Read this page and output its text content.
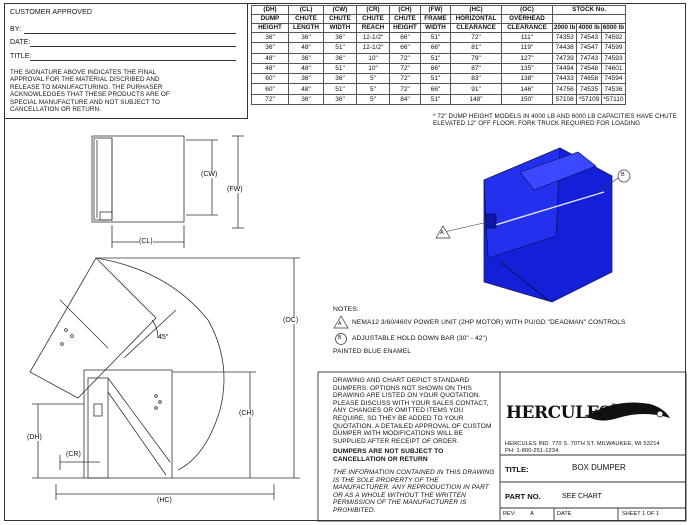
CUSTOMER APPROVED
BY:
DATE:
TITLE:
THE SIGNATURE ABOVE INDICATES THE FINAL APPROVAL FOR THE MATERIAL DISCRIBED AND RELEASE TO MANUFACTURING. THE PURHASER ACKNOWLEDGES THAT THESE PRODUCTS ARE OF SPECIAL MANUFACTURE AND NOT SUBJECT TO CANCELLATION OR RETURN.
(DH)	(CL)	(CW)	(CR)	(CH)	(FW)	(HC)	(OC)	STOCK No.		
DUMP	CHUTE	CHUTE	CHUTE	CHUTE	FRAME	HORIZONTAL	OVERHEAD			
HEIGHT	LENGTH	WIDTH	REACH	HEIGHT	WIDTH	CLEARANCE	CLEARANCE	2000 lb	4000 lb	6000 lb
36"	36"	36"	12-1/2"	66"	51"	72"	111"	74353	74543	74592
36"	48"	51"	12-1/2"	66"	66"	81"	119"	74438	74547	74599
48"	36"	36"	10"	72"	51"	79"	127"	74739	74743	74593
48"	48"	51"	10"	72"	66"	87"	135"	74494	74548	74601
60"	36"	36"	5"	72"	51"	83"	138"	74433	74658	74594
60"	48"	51"	5"	72"	66"	91"	146"	74756	74535	74536
72"	36"	36"	5"	84"	51"	148"	150"	57108	*57109	*57110
* 72" DUMP HEIGHT MODELS IN 4000 LB AND 6000 LB CAPACITIES HAVE CHUTE ELEVATED 12" OFF FLOOR. FORK TRUCK REQUIRED FOR LOADING
(CW)
(FW)
(CL)
(OC)
(CH)
(DH)
(CR)
(HC)
45°
A
B
NOTES:
A NEMA12 3/60/460V POWER UNIT (2HP MOTOR) WITH PU/GD "DEADMAN" CONTROLS
B ADJUSTABLE HOLD DOWN BAR (30" - 42")
PAINTED BLUE ENAMEL
DRAWING AND CHART DEPICT STANDARD DUMPERS. OPTIONS NOT SHOWN ON THIS DRAWING ARE LISTED ON YOUR QUOTATION. PLEASE DISCUSS WITH YOUR SALES CONTACT, ANY CHANGES OR OMITTED ITEMS YOU REQUIRE, SO THEY BE ADDED TO YOUR QUOTATION. A DETAILED APPROVAL OF CUSTOM DUMPER WITH MODIFICATIONS WILL BE SUPPLIED AFTER RECEIPT OF ORDER.
DUMPERS ARE NOT SUBJECT TO CANCELLATION OR RETURN
THE INFORMATION CONTAINED IN THIS DRAWING IS THE SOLE PROPERTY OF THE MANUFACTURER. ANY REPRODUCTION IN PART OR AS A WHOLE WITHOUT THE WRITTEN PERMISSION OF THE MANUFACTURER IS PROHIBITED.
HERCULES®
HERCULES IND. 770 S. 70TH ST. MILWAUKEE, WI 53214
PH: 1-800-251-1234
TITLE:	BOX DUMPER
PART NO.	SEE CHART
REV:	A	DATE	SHEET 1 OF 1
